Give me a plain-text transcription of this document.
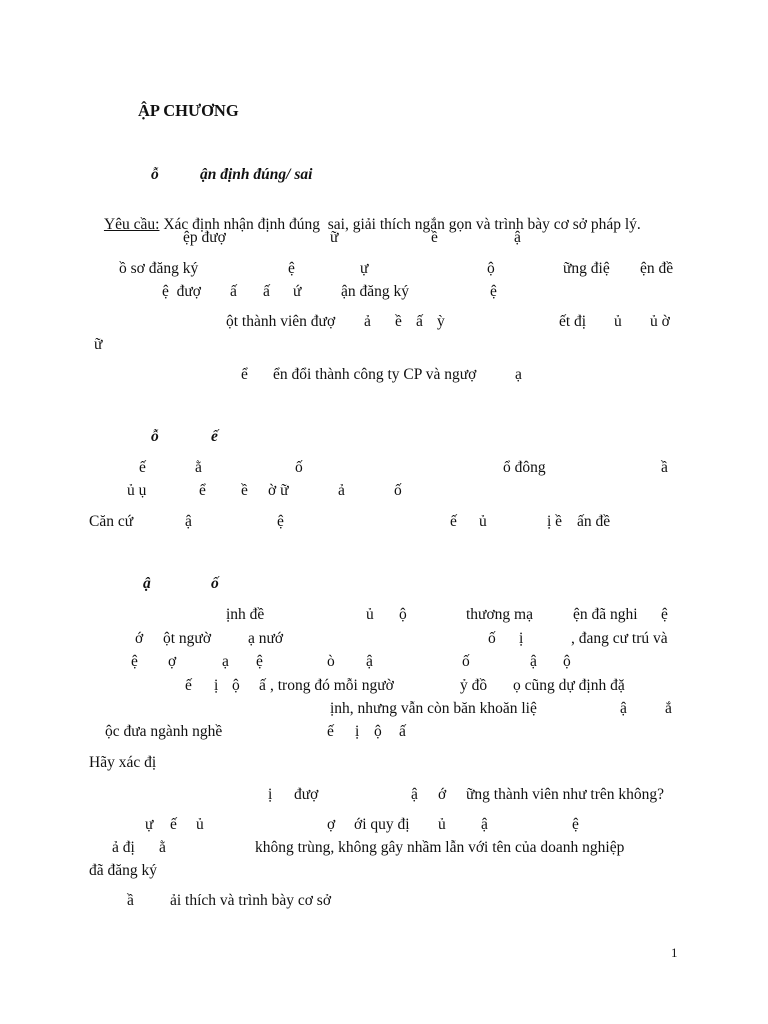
ẬP CHƯƠNG
ỗ	ận định đúng/ sai

Yêu cầu: Xác định nhận định đúng  sai, giải thích ngắn gọn và trình bày cơ sở pháp lý.

ệp đượ	ữ	ề	ậ
ồ sơ đăng ký	ệ	ự	ộ	ững điệ ện đề
ệ  đượ ấ ấ ứ	ận đăng ký	ệ
ột thành viên đượ ả ề ấ ỳ	ết đị ủ ủ ờ
ữ
ể ển đổi thành công ty CP và ngượ ạ
ỗ	ế
ế	ằ	ố	ổ đông	ầ
ủ ụ	ể ề ờ ữ	ả	ố
Căn cứ	ậ	ệ	ế ủ	ị ề ấn đề
ậ	ố
ịnh đề	ủ ộ	thương mạ	ện đã nghi ệ
ớ ột ngườ ạ nướ	ố ị	, đang cư trú và
ệ ợ	ạ ệ	ò ậ	ố	ậ ộ
ế ị ộ ấ , trong đó mỗi ngườ	ỷ đồ ọ cũng dự định đặ
ịnh, nhưng vẫn còn băn khoăn liệ	ậ ắ
ộc đưa ngành nghề	ế ị ộ ấ
Hãy xác đị
ị đượ	ậ ớ ững thành viên như trên không?
ự ế ủ	ợ ới quy đị ủ ậ	ệ
ả đị ằ	không trùng, không gây nhầm lẫn với tên của doanh nghiệp
đã đăng ký
ầ ải thích và trình bày cơ sở
1
